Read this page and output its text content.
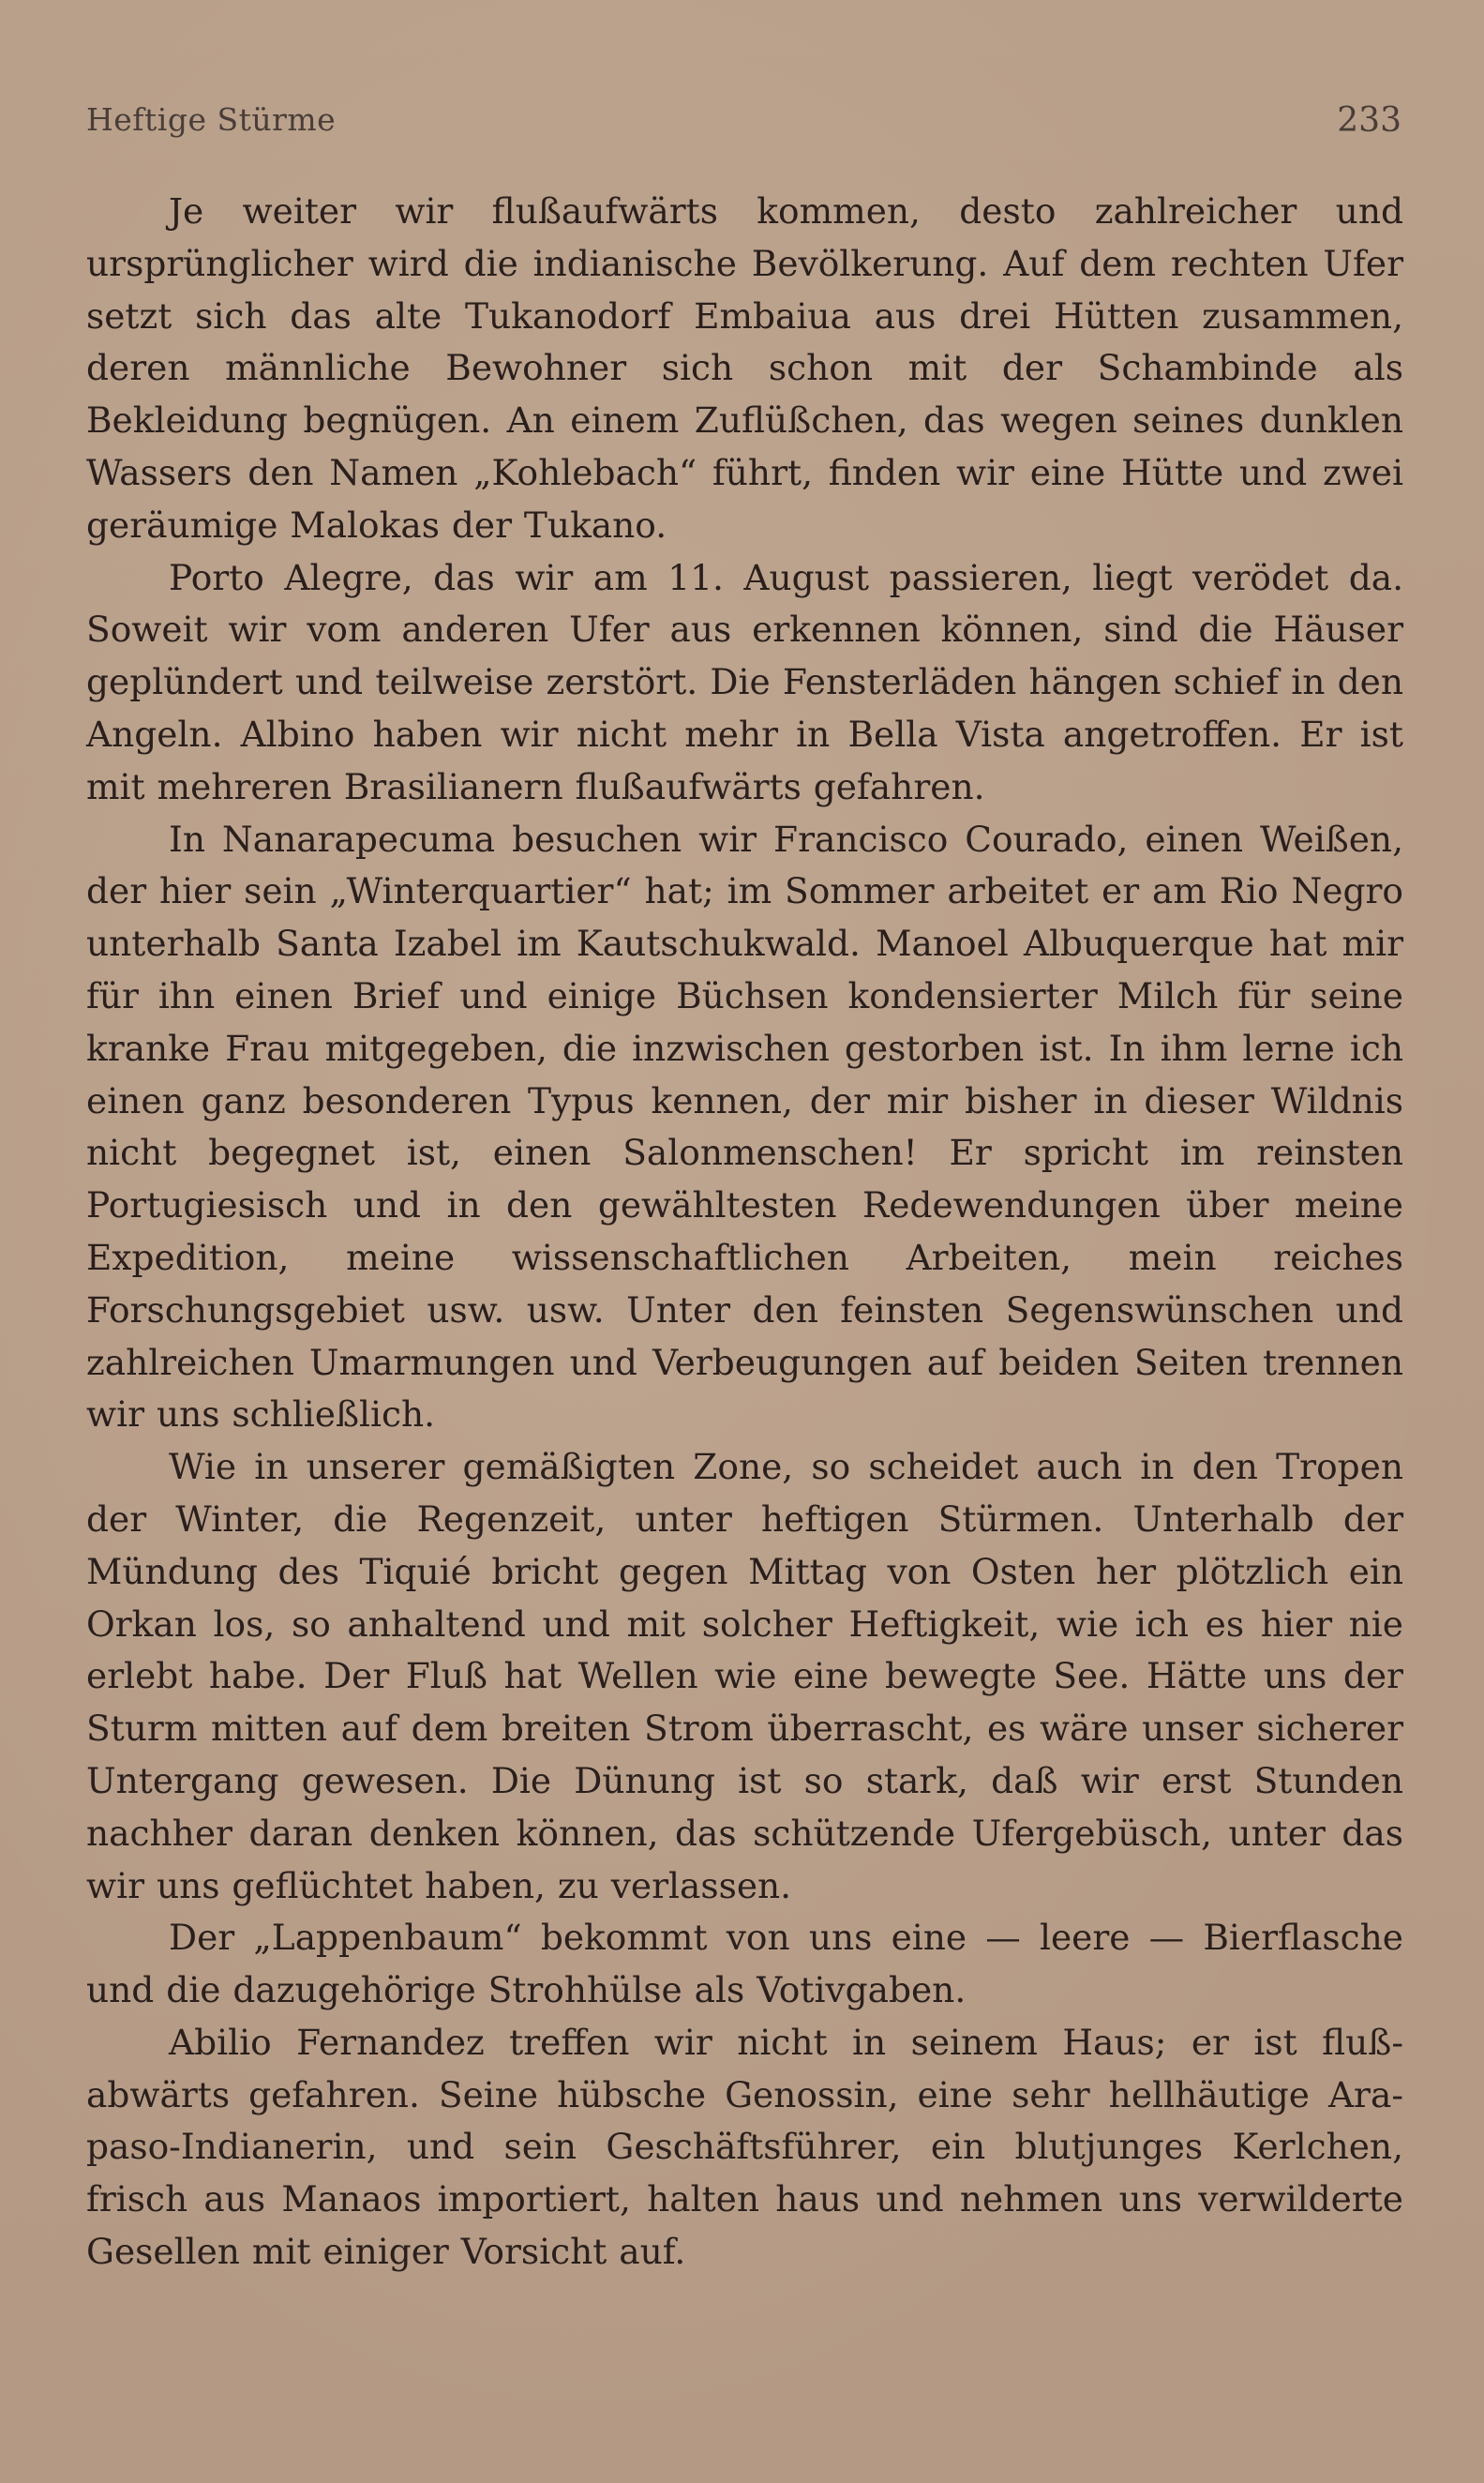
Heftige Stürme	233

Je weiter wir flußaufwärts kommen, desto zahlreicher und ursprünglicher wird die indianische Bevölkerung. Auf dem rechten Ufer setzt sich das alte Tukanodorf Embaiua aus drei Hütten zusammen, deren männliche Bewohner sich schon mit der Schambinde als Bekleidung begnügen. An einem Zuflüßchen, das wegen seines dunklen Wassers den Namen „Kohlebach“ führt, finden wir eine Hütte und zwei geräumige Malokas der Tukano.

Porto Alegre, das wir am 11. August passieren, liegt verödet da. Soweit wir vom anderen Ufer aus erkennen können, sind die Häuser geplündert und teilweise zerstört. Die Fensterläden hängen schief in den Angeln. Albino haben wir nicht mehr in Bella Vista angetroffen. Er ist mit mehreren Brasilianern flußaufwärts gefahren.

In Nanarapecuma besuchen wir Francisco Courado, einen Weißen, der hier sein „Winterquartier“ hat; im Sommer arbeitet er am Rio Negro unterhalb Santa Izabel im Kautschukwald. Manoel Albuquerque hat mir für ihn einen Brief und einige Büchsen kondensierter Milch für seine kranke Frau mitgegeben, die inzwischen gestorben ist. In ihm lerne ich einen ganz besonderen Typus kennen, der mir bisher in dieser Wildnis nicht begegnet ist, einen Salonmenschen! Er spricht im reinsten Portugiesisch und in den gewähltesten Redewendungen über meine Expedition, meine wissenschaftlichen Arbeiten, mein reiches Forschungsgebiet usw. usw. Unter den feinsten Segenswünschen und zahlreichen Umarmungen und Verbeugungen auf beiden Seiten trennen wir uns schließlich.

Wie in unserer gemäßigten Zone, so scheidet auch in den Tropen der Winter, die Regenzeit, unter heftigen Stürmen. Unterhalb der Mündung des Tiquié bricht gegen Mittag von Osten her plötzlich ein Orkan los, so anhaltend und mit solcher Heftigkeit, wie ich es hier nie erlebt habe. Der Fluß hat Wellen wie eine bewegte See. Hätte uns der Sturm mitten auf dem breiten Strom überrascht, es wäre unser sicherer Untergang gewesen. Die Dünung ist so stark, daß wir erst Stunden nachher daran denken können, das schützende Ufergebüsch, unter das wir uns geflüchtet haben, zu verlassen.

Der „Lappenbaum“ bekommt von uns eine — leere — Bierflasche und die dazugehörige Strohhülse als Votivgaben.

Abilio Fernandez treffen wir nicht in seinem Haus; er ist flußabwärts gefahren. Seine hübsche Genossin, eine sehr hellhäutige Arapaso-Indianerin, und sein Geschäftsführer, ein blutjunges Kerlchen, frisch aus Manaos importiert, halten haus und nehmen uns verwilderte Gesellen mit einiger Vorsicht auf.
